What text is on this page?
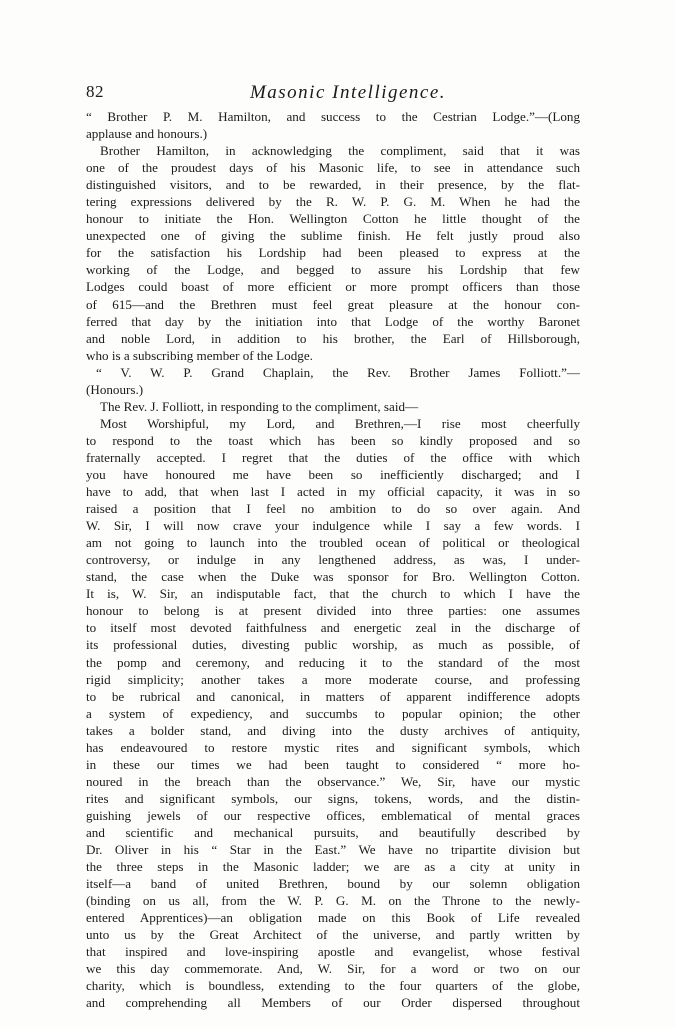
82	Masonic Intelligence.
“ Brother P. M. Hamilton, and success to the Cestrian Lodge.”—(Long
applause and honours.)
Brother Hamilton, in acknowledging the compliment, said that it was
one of the proudest days of his Masonic life, to see in attendance such
distinguished visitors, and to be rewarded, in their presence, by the flat-
tering expressions delivered by the R. W. P. G. M. When he had the
honour to initiate the Hon. Wellington Cotton he little thought of the
unexpected one of giving the sublime finish. He felt justly proud also
for the satisfaction his Lordship had been pleased to express at the
working of the Lodge, and begged to assure his Lordship that few
Lodges could boast of more efficient or more prompt officers than those
of 615—and the Brethren must feel great pleasure at the honour con-
ferred that day by the initiation into that Lodge of the worthy Baronet
and noble Lord, in addition to his brother, the Earl of Hillsborough,
who is a subscribing member of the Lodge.
“ V. W. P. Grand Chaplain, the Rev. Brother James Folliott.”—
(Honours.)
The Rev. J. Folliott, in responding to the compliment, said—
Most Worshipful, my Lord, and Brethren,—I rise most cheerfully
to respond to the toast which has been so kindly proposed and so
fraternally accepted. I regret that the duties of the office with which
you have honoured me have been so inefficiently discharged; and I
have to add, that when last I acted in my official capacity, it was in so
raised a position that I feel no ambition to do so over again. And
W. Sir, I will now crave your indulgence while I say a few words. I
am not going to launch into the troubled ocean of political or theological
controversy, or indulge in any lengthened address, as was, I under-
stand, the case when the Duke was sponsor for Bro. Wellington Cotton.
It is, W. Sir, an indisputable fact, that the church to which I have the
honour to belong is at present divided into three parties: one assumes
to itself most devoted faithfulness and energetic zeal in the discharge of
its professional duties, divesting public worship, as much as possible, of
the pomp and ceremony, and reducing it to the standard of the most
rigid simplicity; another takes a more moderate course, and professing
to be rubrical and canonical, in matters of apparent indifference adopts
a system of expediency, and succumbs to popular opinion; the other
takes a bolder stand, and diving into the dusty archives of antiquity,
has endeavoured to restore mystic rites and significant symbols, which
in these our times we had been taught to considered “ more ho-
noured in the breach than the observance.” We, Sir, have our mystic
rites and significant symbols, our signs, tokens, words, and the distin-
guishing jewels of our respective offices, emblematical of mental graces
and scientific and mechanical pursuits, and beautifully described by
Dr. Oliver in his “ Star in the East.” We have no tripartite division but
the three steps in the Masonic ladder; we are as a city at unity in
itself—a band of united Brethren, bound by our solemn obligation
(binding on us all, from the W. P. G. M. on the Throne to the newly-
entered Apprentices)—an obligation made on this Book of Life revealed
unto us by the Great Architect of the universe, and partly written by
that inspired and love-inspiring apostle and evangelist, whose festival
we this day commemorate. And, W. Sir, for a word or two on our
charity, which is boundless, extending to the four quarters of the globe,
and comprehending all Members of our Order dispersed throughout
